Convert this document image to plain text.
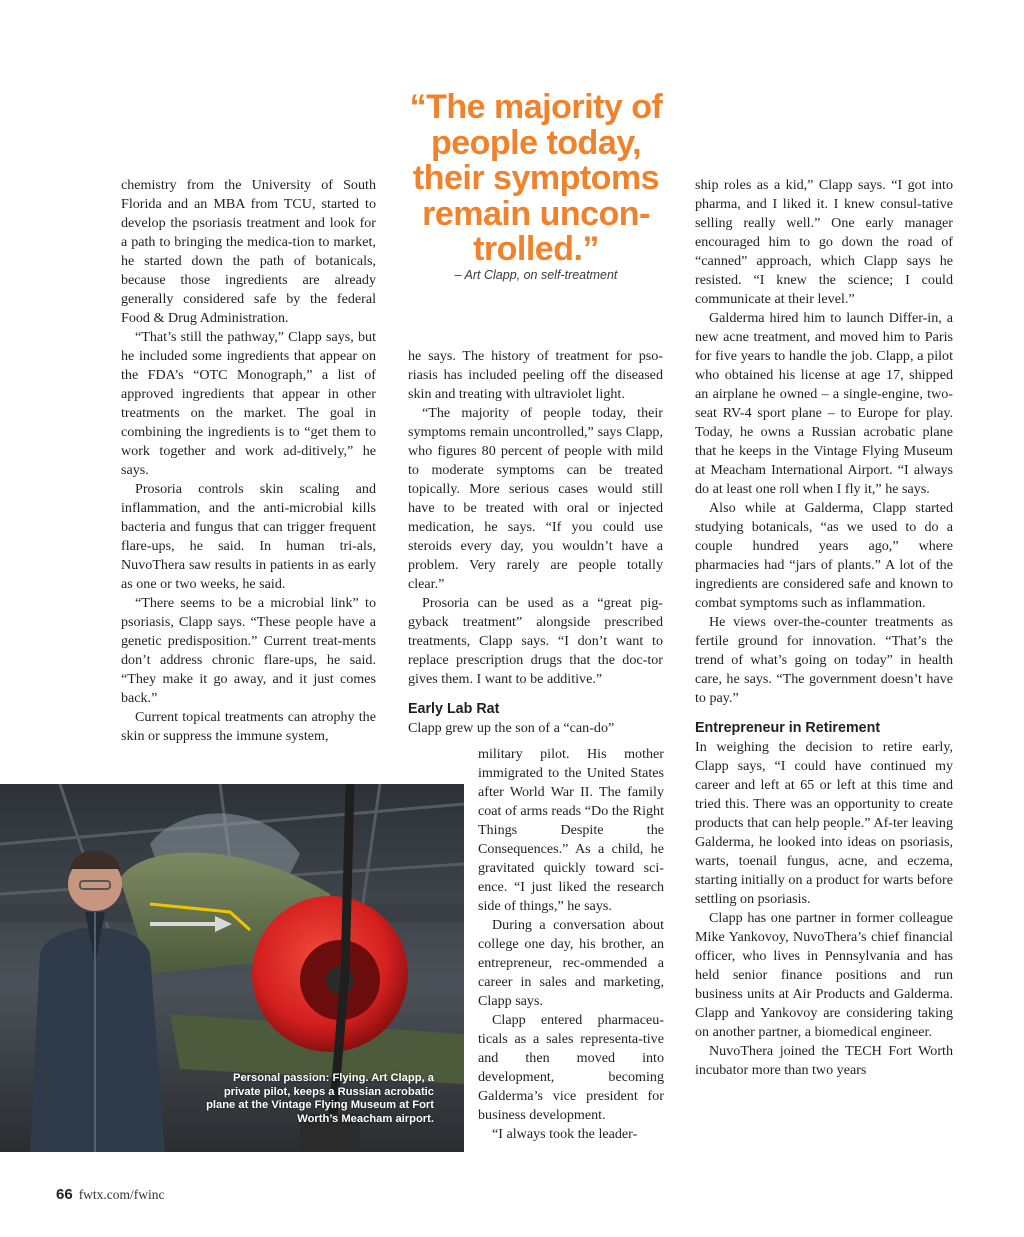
“The majority of people today, their symptoms remain uncon-trolled.”
– Art Clapp, on self-treatment

chemistry from the University of South Florida and an MBA from TCU, started to develop the psoriasis treatment and look for a path to bringing the medica-tion to market, he started down the path of botanicals, because those ingredients are already generally considered safe by the federal Food & Drug Administration.

“That’s still the pathway,” Clapp says, but he included some ingredients that appear on the FDA’s “OTC Monograph,” a list of approved ingredients that appear in other treatments on the market. The goal in combining the ingredients is to “get them to work together and work ad-ditively,” he says.

Prosoria controls skin scaling and inflammation, and the anti-microbial kills bacteria and fungus that can trigger frequent flare-ups, he said. In human tri-als, NuvoThera saw results in patients in as early as one or two weeks, he said.

“There seems to be a microbial link” to psoriasis, Clapp says. “These people have a genetic predisposition.” Current treat-ments don’t address chronic flare-ups, he said. “They make it go away, and it just comes back.”

Current topical treatments can atrophy the skin or suppress the immune system,

he says. The history of treatment for pso-riasis has included peeling off the diseased skin and treating with ultraviolet light.

“The majority of people today, their symptoms remain uncontrolled,” says Clapp, who figures 80 percent of people with mild to moderate symptoms can be treated topically. More serious cases would still have to be treated with oral or injected medication, he says. “If you could use steroids every day, you wouldn’t have a problem. Very rarely are people totally clear.”

Prosoria can be used as a “great pig-gyback treatment” alongside prescribed treatments, Clapp says. “I don’t want to replace prescription drugs that the doc-tor gives them. I want to be additive.”

Early Lab Rat

Clapp grew up the son of a “can-do”

military pilot. His mother immigrated to the United States after World War II. The family coat of arms reads “Do the Right Things Despite the Consequences.” As a child, he gravitated quickly toward sci-ence. “I just liked the research side of things,” he says.

During a conversation about college one day, his brother, an entrepreneur, rec-ommended a career in sales and marketing, Clapp says.

Clapp entered pharmaceu-ticals as a sales representa-tive and then moved into development, becoming Galderma’s vice president for business development.

“I always took the leader-

ship roles as a kid,” Clapp says. “I got into pharma, and I liked it. I knew consul-tative selling really well.” One early manager encouraged him to go down the road of “canned” approach, which Clapp says he resisted. “I knew the science; I could communicate at their level.”

Galderma hired him to launch Differ-in, a new acne treatment, and moved him to Paris for five years to handle the job. Clapp, a pilot who obtained his license at age 17, shipped an airplane he owned – a single-engine, two-seat RV-4 sport plane – to Europe for play. Today, he owns a Russian acrobatic plane that he keeps in the Vintage Flying Museum at Meacham International Airport. “I always do at least one roll when I fly it,” he says.

Also while at Galderma, Clapp started studying botanicals, “as we used to do a couple hundred years ago,” where pharmacies had “jars of plants.” A lot of the ingredients are considered safe and known to combat symptoms such as inflammation.

He views over-the-counter treatments as fertile ground for innovation. “That’s the trend of what’s going on today” in health care, he says. “The government doesn’t have to pay.”

Entrepreneur in Retirement

In weighing the decision to retire early, Clapp says, “I could have continued my career and left at 65 or left at this time and tried this. There was an opportunity to create products that can help people.” Af-ter leaving Galderma, he looked into ideas on psoriasis, warts, toenail fungus, acne, and eczema, starting initially on a product for warts before settling on psoriasis.

Clapp has one partner in former colleague Mike Yankovoy, NuvoThera’s chief financial officer, who lives in Pennsylvania and has held senior finance positions and run business units at Air Products and Galderma. Clapp and Yankovoy are considering taking on another partner, a biomedical engineer.

NuvoThera joined the TECH Fort Worth incubator more than two years

Personal passion: Flying. Art Clapp, a private pilot, keeps a Russian acrobatic plane at the Vintage Flying Museum at Fort Worth’s Meacham airport.
66 fwtx.com/fwinc
